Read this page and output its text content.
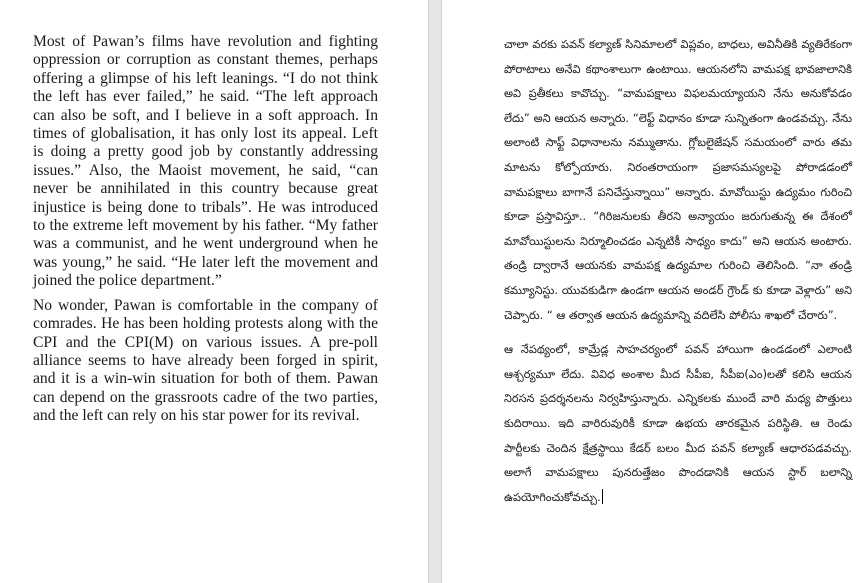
Most of Pawan’s films have revolution and fighting oppression or corruption as constant themes, perhaps offering a glimpse of his left leanings. “I do not think the left has ever failed,” he said. “The left approach can also be soft, and I believe in a soft approach. In times of globalisation, it has only lost its appeal. Left is doing a pretty good job by constantly addressing issues.” Also, the Maoist movement, he said, “can never be annihilated in this country because great injustice is being done to tribals”. He was introduced to the extreme left movement by his father. “My father was a communist, and he went underground when he was young,” he said. “He later left the movement and joined the police department.”

No wonder, Pawan is comfortable in the company of comrades. He has been holding protests along with the CPI and the CPI(M) on various issues. A pre-poll alliance seems to have already been forged in spirit, and it is a win-win situation for both of them. Pawan can depend on the grassroots cadre of the two parties, and the left can rely on his star power for its revival.

చాలా వరకు పవన్ కల్యాణ్ సినిమాలలో విప్లవం, బాధలు, అవినీతికి వ్యతిరేకంగా పోరాటాలు అనేవి కథాంశాలుగా ఉంటాయి. ఆయనలోని వామపక్ష భావజాలానికి అవి ప్రతీకలు కావొచ్చు. “వామపక్షాలు విఫలమయ్యాయని నేను అనుకోవడం లేదు” అని ఆయన అన్నారు. “లెఫ్ట్ విధానం కూడా సున్నితంగా ఉండవచ్చు. నేను అలాంటి సాఫ్ట్ విధానాలను నమ్ముతాను. గ్లోబలైజేషన్ సమయంలో వారు తమ మాటను కోల్పోయారు. నిరంతరాయంగా ప్రజాసమస్యలపై పోరాడడంలో వామపక్షాలు బాగానే పనిచేస్తున్నాయి” అన్నారు. మావోయిస్టు ఉద్యమం గురించి కూడా ప్రస్తావిస్తూ.. “గిరిజనులకు తీరని అన్యాయం జరుగుతున్న ఈ దేశంలో మావోయిస్టులను నిర్మూలించడం ఎన్నటికీ సాధ్యం కాదు” అని ఆయన అంటారు. తండ్రి ద్వారానే ఆయనకు వామపక్ష ఉద్యమాల గురించి తెలిసింది. “నా తండ్రి కమ్యూనిస్టు. యువకుడిగా ఉండగా ఆయన అండర్ గ్రౌండ్ కు కూడా వెళ్లారు” అని చెప్పారు. “ ఆ తర్వాత ఆయన ఉద్యమాన్ని వదిలేసి పోలీసు శాఖలో చేరారు”.

ఆ నేపథ్యంలో, కామ్రేడ్ల సాహచర్యంలో పవన్ హాయిగా ఉండడంలో ఎలాంటి ఆశ్చర్యమూ లేదు. వివిధ అంశాల మీద సీపీఐ, సీపీఐ(ఎం)లతో కలిసి ఆయన నిరసన ప్రదర్శనలను నిర్వహిస్తున్నారు. ఎన్నికలకు ముందే వారి మధ్య పొత్తులు కుదిరాయి. ఇది వారిరువురికీ కూడా ఉభయ తారకమైన పరిస్థితి. ఆ రెండు పార్టీలకు చెందిన క్షేత్రస్థాయి కేడర్ బలం మీద పవన్ కల్యాణ్ ఆధారపడవచ్చు. అలాగే వామపక్షాలు పునరుత్తేజం పొందడానికి ఆయన స్టార్ బలాన్ని ఉపయోగించుకోవచ్చు.
